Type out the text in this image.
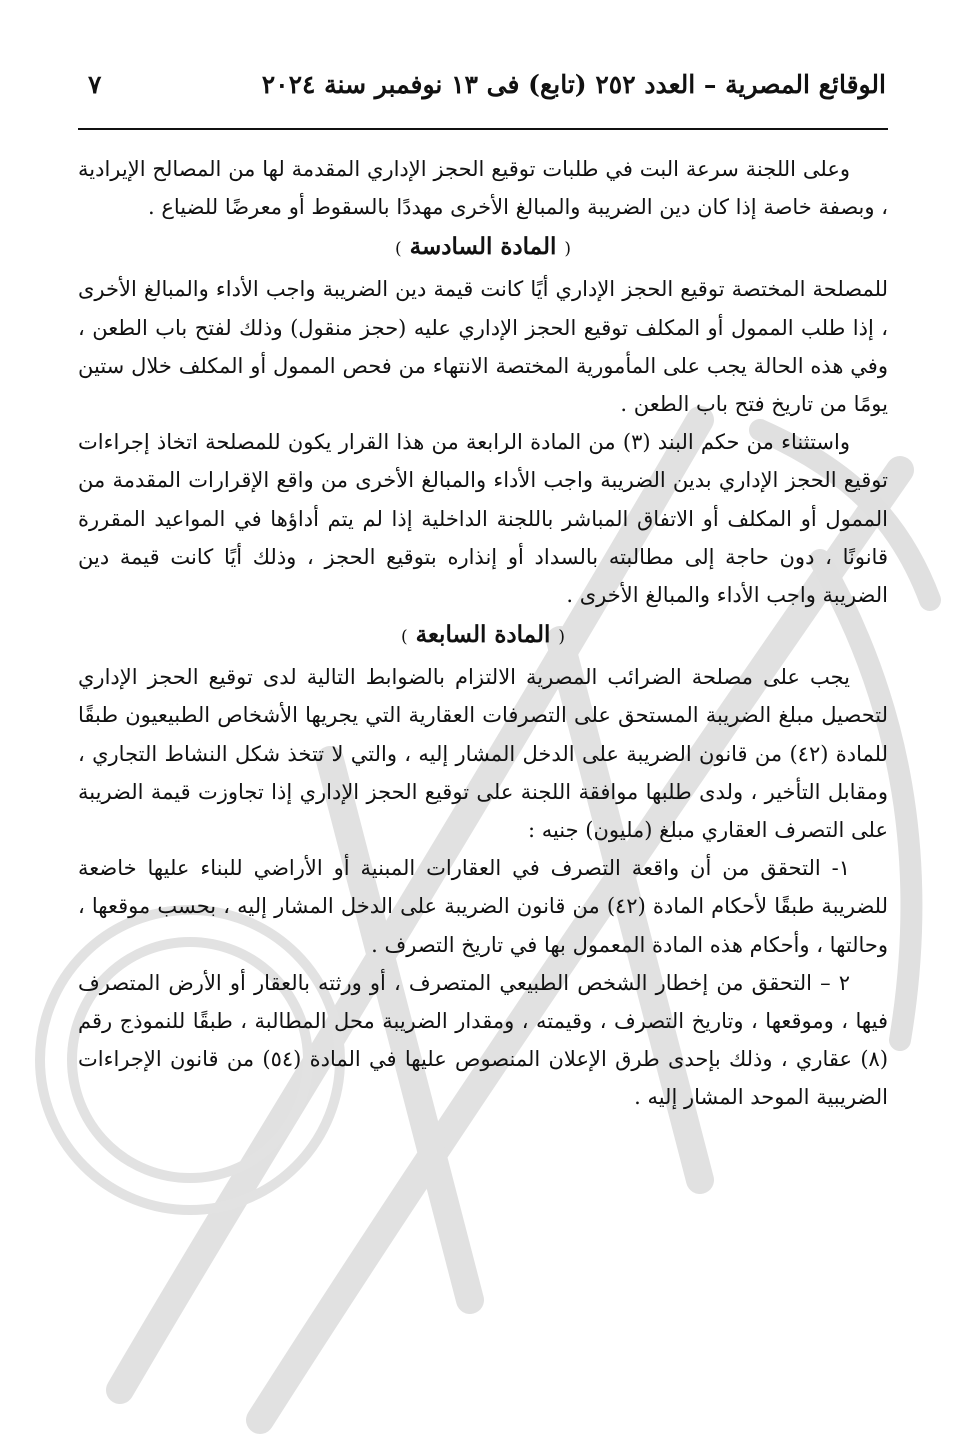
الوقائع المصرية – العدد ٢٥٢ (تابع) فى ١٣ نوفمبر سنة ٢٠٢٤
٧

وعلى اللجنة سرعة البت في طلبات توقيع الحجز الإداري المقدمة لها من المصالح الإيرادية ، وبصفة خاصة إذا كان دين الضريبة والمبالغ الأخرى مهددًا بالسقوط أو معرضًا للضياع .

( المادة السادسة )

للمصلحة المختصة توقيع الحجز الإداري أيًا كانت قيمة دين الضريبة واجب الأداء والمبالغ الأخرى ، إذا طلب الممول أو المكلف توقيع الحجز الإداري عليه (حجز منقول) وذلك لفتح باب الطعن ، وفي هذه الحالة يجب على المأمورية المختصة الانتهاء من فحص الممول أو المكلف خلال ستين يومًا من تاريخ فتح باب الطعن .

واستثناء من حكم البند (٣) من المادة الرابعة من هذا القرار يكون للمصلحة اتخاذ إجراءات توقيع الحجز الإداري بدين الضريبة واجب الأداء والمبالغ الأخرى من واقع الإقرارات المقدمة من الممول أو المكلف أو الاتفاق المباشر باللجنة الداخلية إذا لم يتم أداؤها في المواعيد المقررة قانونًا ، دون حاجة إلى مطالبته بالسداد أو إنذاره بتوقيع الحجز ، وذلك أيًا كانت قيمة دين الضريبة واجب الأداء والمبالغ الأخرى .

( المادة السابعة )

يجب على مصلحة الضرائب المصرية الالتزام بالضوابط التالية لدى توقيع الحجز الإداري لتحصيل مبلغ الضريبة المستحق على التصرفات العقارية التي يجريها الأشخاص الطبيعيون طبقًا للمادة (٤٢) من قانون الضريبة على الدخل المشار إليه ، والتي لا تتخذ شكل النشاط التجاري ، ومقابل التأخير ، ولدى طلبها موافقة اللجنة على توقيع الحجز الإداري إذا تجاوزت قيمة الضريبة على التصرف العقاري مبلغ (مليون) جنيه :

١- التحقق من أن واقعة التصرف في العقارات المبنية أو الأراضي للبناء عليها خاضعة للضريبة طبقًا لأحكام المادة (٤٢) من قانون الضريبة على الدخل المشار إليه ، بحسب موقعها ، وحالتها ، وأحكام هذه المادة المعمول بها في تاريخ التصرف .

٢ – التحقق من إخطار الشخص الطبيعي المتصرف ، أو ورثته بالعقار أو الأرض المتصرف فيها ، وموقعها ، وتاريخ التصرف ، وقيمته ، ومقدار الضريبة محل المطالبة ، طبقًا للنموذج رقم (٨) عقاري ، وذلك بإحدى طرق الإعلان المنصوص عليها في المادة (٥٤) من قانون الإجراءات الضريبية الموحد المشار إليه .
